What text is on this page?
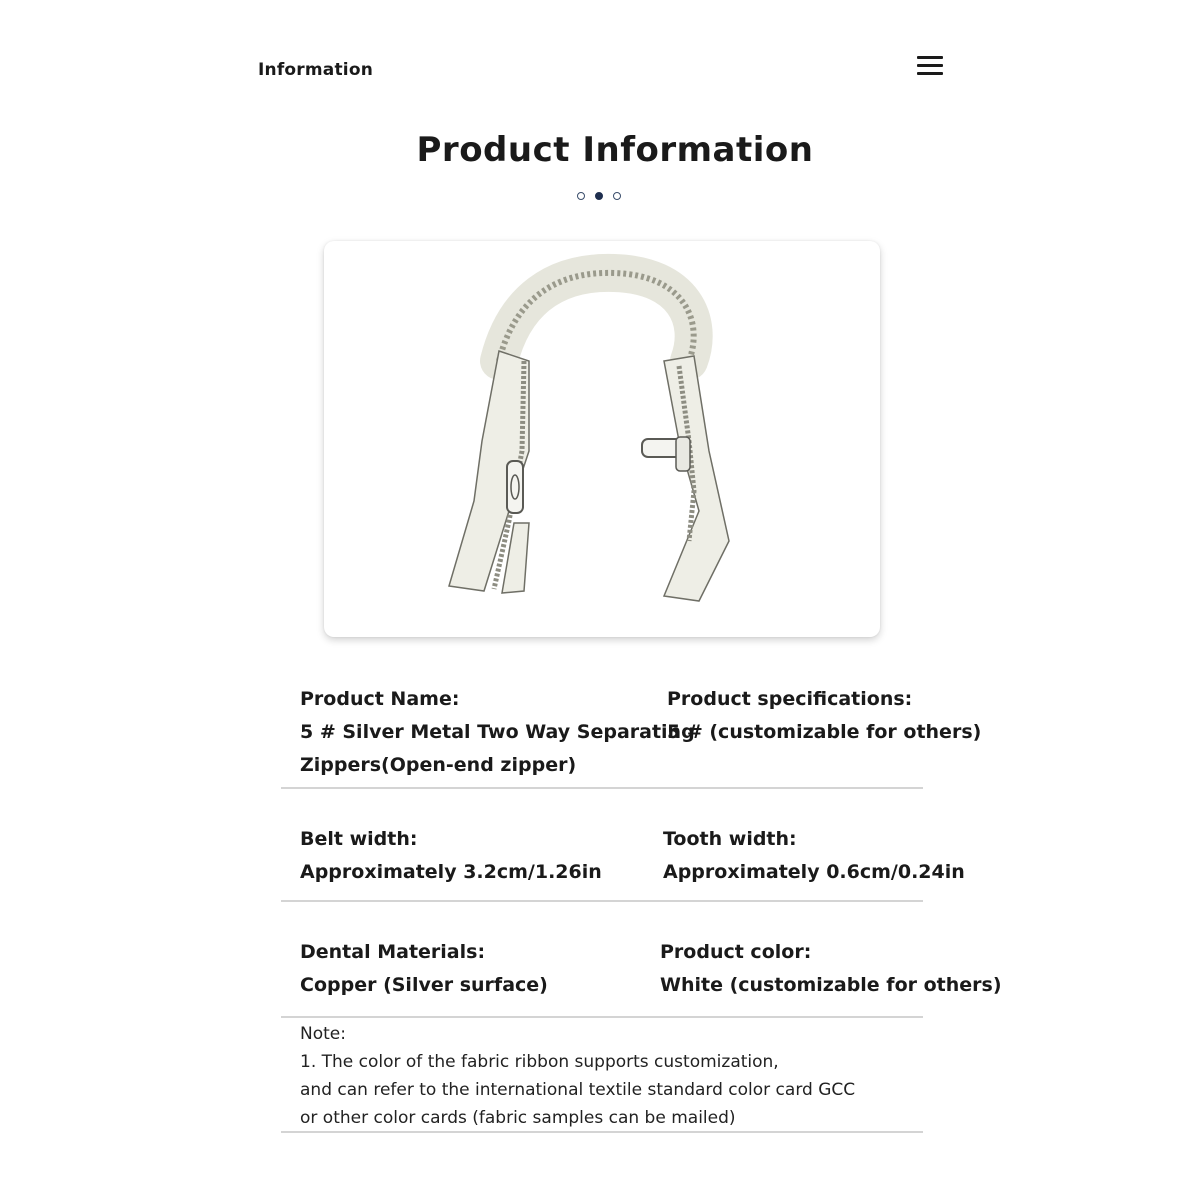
Information
Product Information
Product Name:
5 # Silver Metal Two Way Separating
Zippers(Open-end zipper)
Product specifications:
5 # (customizable for others)
Belt width:
Approximately 3.2cm/1.26in
Tooth width:
Approximately 0.6cm/0.24in
Dental Materials:
Copper (Silver surface)
Product color:
White (customizable for others)
Note:
1. The color of the fabric ribbon supports customization,
and can refer to the international textile standard color card GCC
or other color cards (fabric samples can be mailed)
